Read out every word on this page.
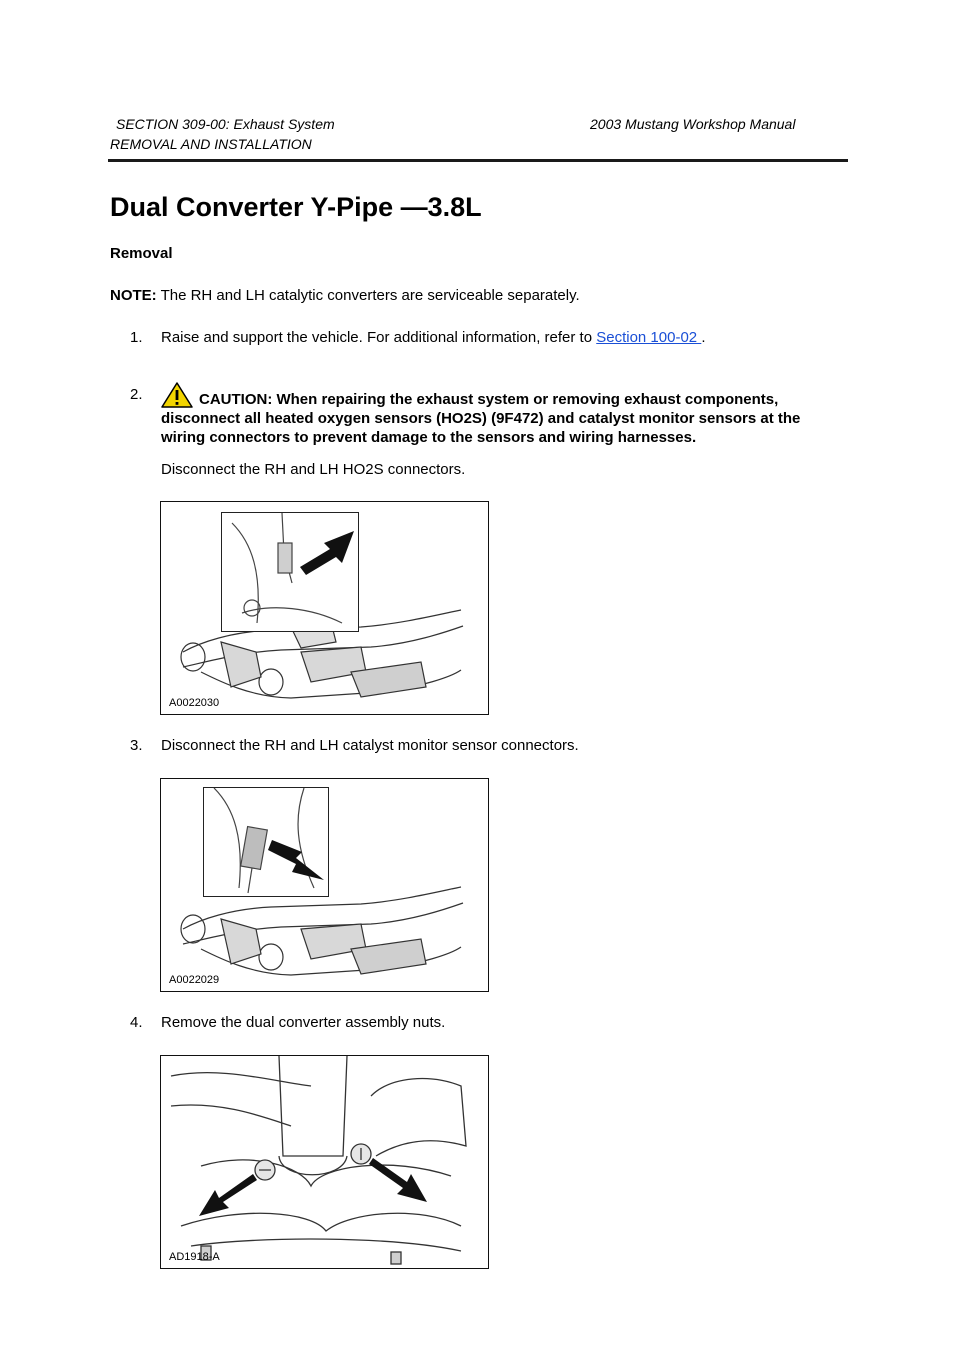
SECTION 309-00: Exhaust System	2003 Mustang Workshop Manual
REMOVAL AND INSTALLATION
Dual Converter Y-Pipe —3.8L
Removal
NOTE: The RH and LH catalytic converters are serviceable separately.
1. Raise and support the vehicle. For additional information, refer to Section 100-02 .
2.	CAUTION: When repairing the exhaust system or removing exhaust components, disconnect all heated oxygen sensors (HO2S) (9F472) and catalyst monitor sensors at the wiring connectors to prevent damage to the sensors and wiring harnesses.
Disconnect the RH and LH HO2S connectors.
A0022030
3. Disconnect the RH and LH catalyst monitor sensor connectors.
A0022029
4. Remove the dual converter assembly nuts.
AD1918-A
